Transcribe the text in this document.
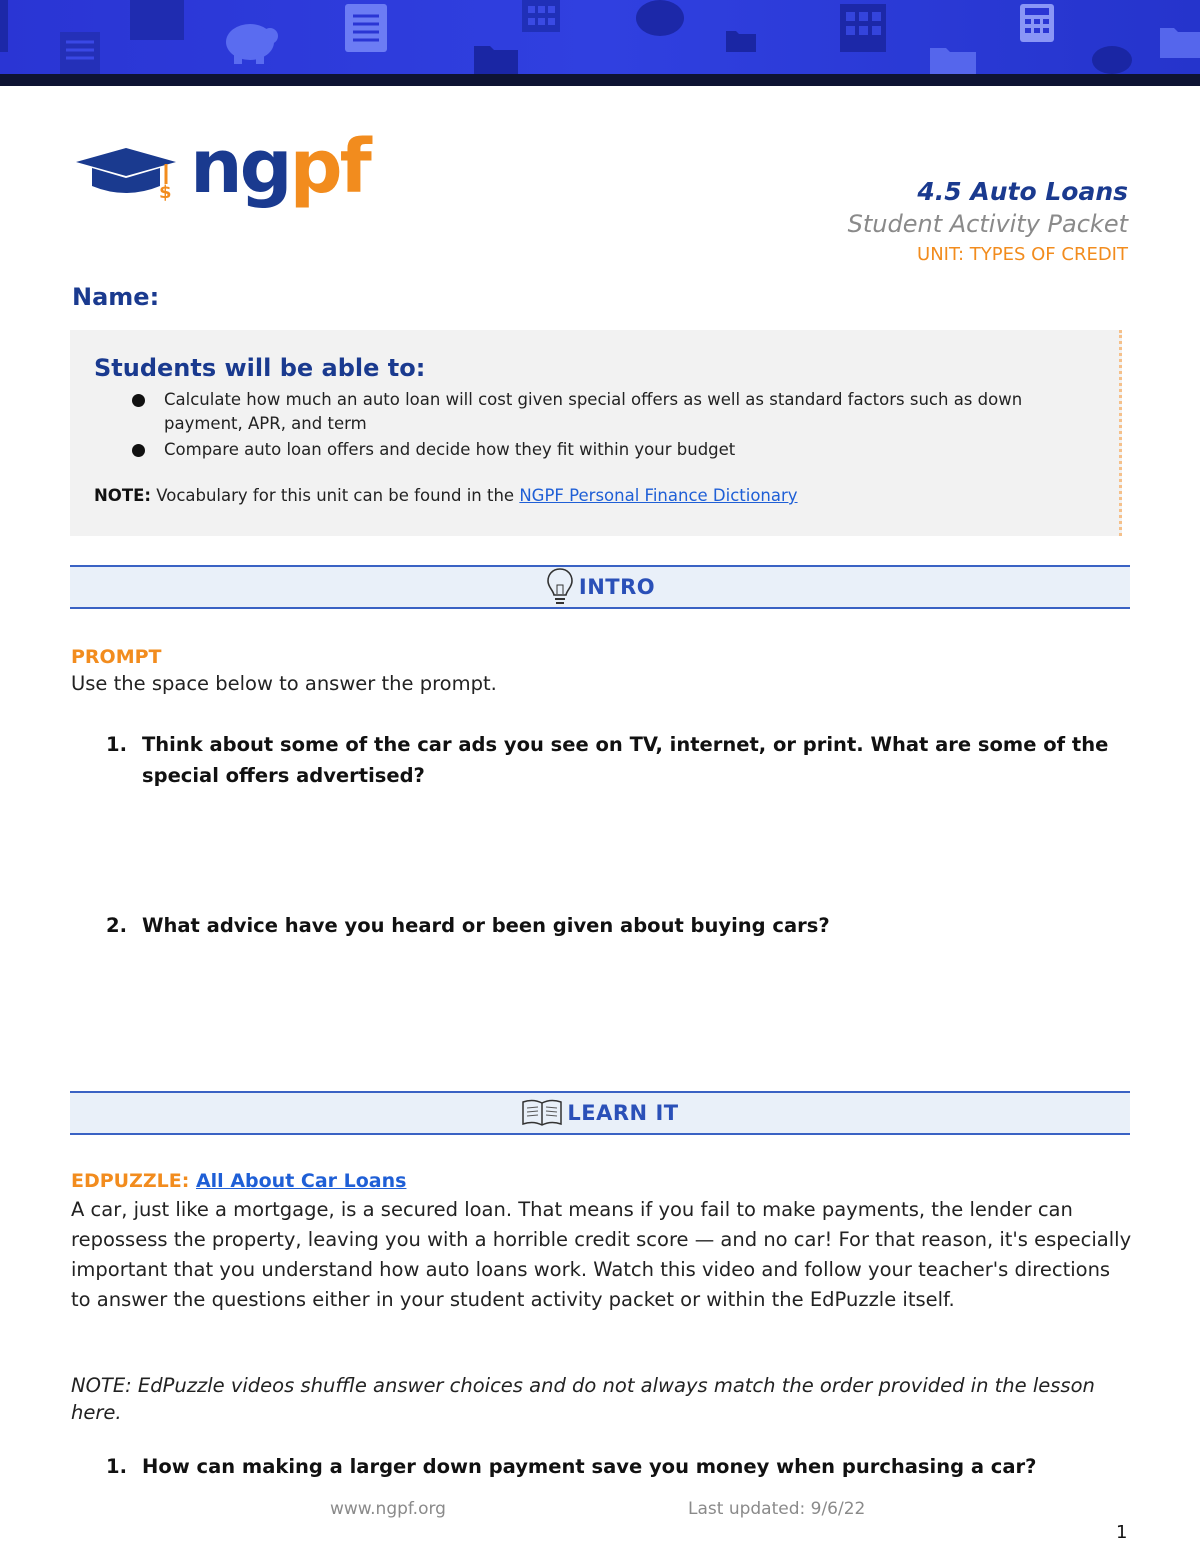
$ ngpf	4.5 Auto Loans
Student Activity Packet
UNIT: TYPES OF CREDIT
Name:
Students will be able to:
Calculate how much an auto loan will cost given special offers as well as standard factors such as down payment, APR, and term
Compare auto loan offers and decide how they fit within your budget
NOTE: Vocabulary for this unit can be found in the NGPF Personal Finance Dictionary
INTRO
PROMPT
Use the space below to answer the prompt.
1. Think about some of the car ads you see on TV, internet, or print. What are some of the special offers advertised?
2. What advice have you heard or been given about buying cars?
LEARN IT
EDPUZZLE: All About Car Loans
A car, just like a mortgage, is a secured loan. That means if you fail to make payments, the lender can repossess the property, leaving you with a horrible credit score — and no car! For that reason, it's especially important that you understand how auto loans work. Watch this video and follow your teacher's directions to answer the questions either in your student activity packet or within the EdPuzzle itself.
NOTE: EdPuzzle videos shuffle answer choices and do not always match the order provided in the lesson here.
1. How can making a larger down payment save you money when purchasing a car?
www.ngpf.org	Last updated: 9/6/22
1
